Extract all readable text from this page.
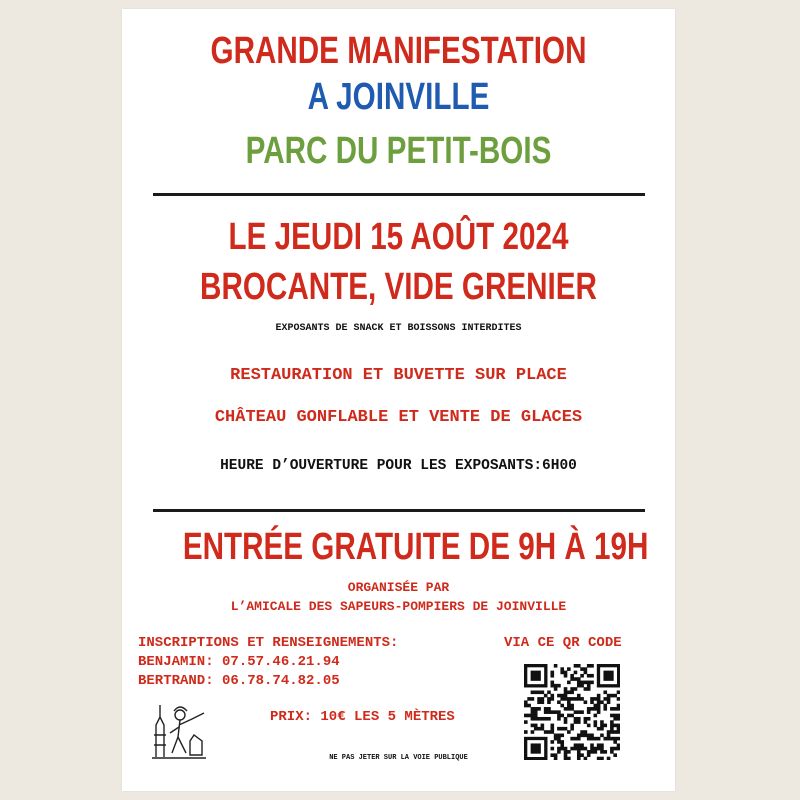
GRANDE MANIFESTATION
A JOINVILLE
PARC DU PETIT-BOIS
LE JEUDI 15 AOÛT 2024
BROCANTE, VIDE GRENIER
EXPOSANTS DE SNACK ET BOISSONS INTERDITES
RESTAURATION ET BUVETTE SUR PLACE
CHÂTEAU GONFLABLE ET VENTE DE GLACES
HEURE D’OUVERTURE POUR LES EXPOSANTS:6H00
ENTRÉE GRATUITE DE 9H À 19H
ORGANISÉE PAR
L’AMICALE DES SAPEURS-POMPIERS DE JOINVILLE
INSCRIPTIONS ET RENSEIGNEMENTS:	VIA CE QR CODE
BENJAMIN: 07.57.46.21.94
BERTRAND: 06.78.74.82.05
PRIX: 10€ LES 5 MÈTRES
NE PAS JETER SUR LA VOIE PUBLIQUE
